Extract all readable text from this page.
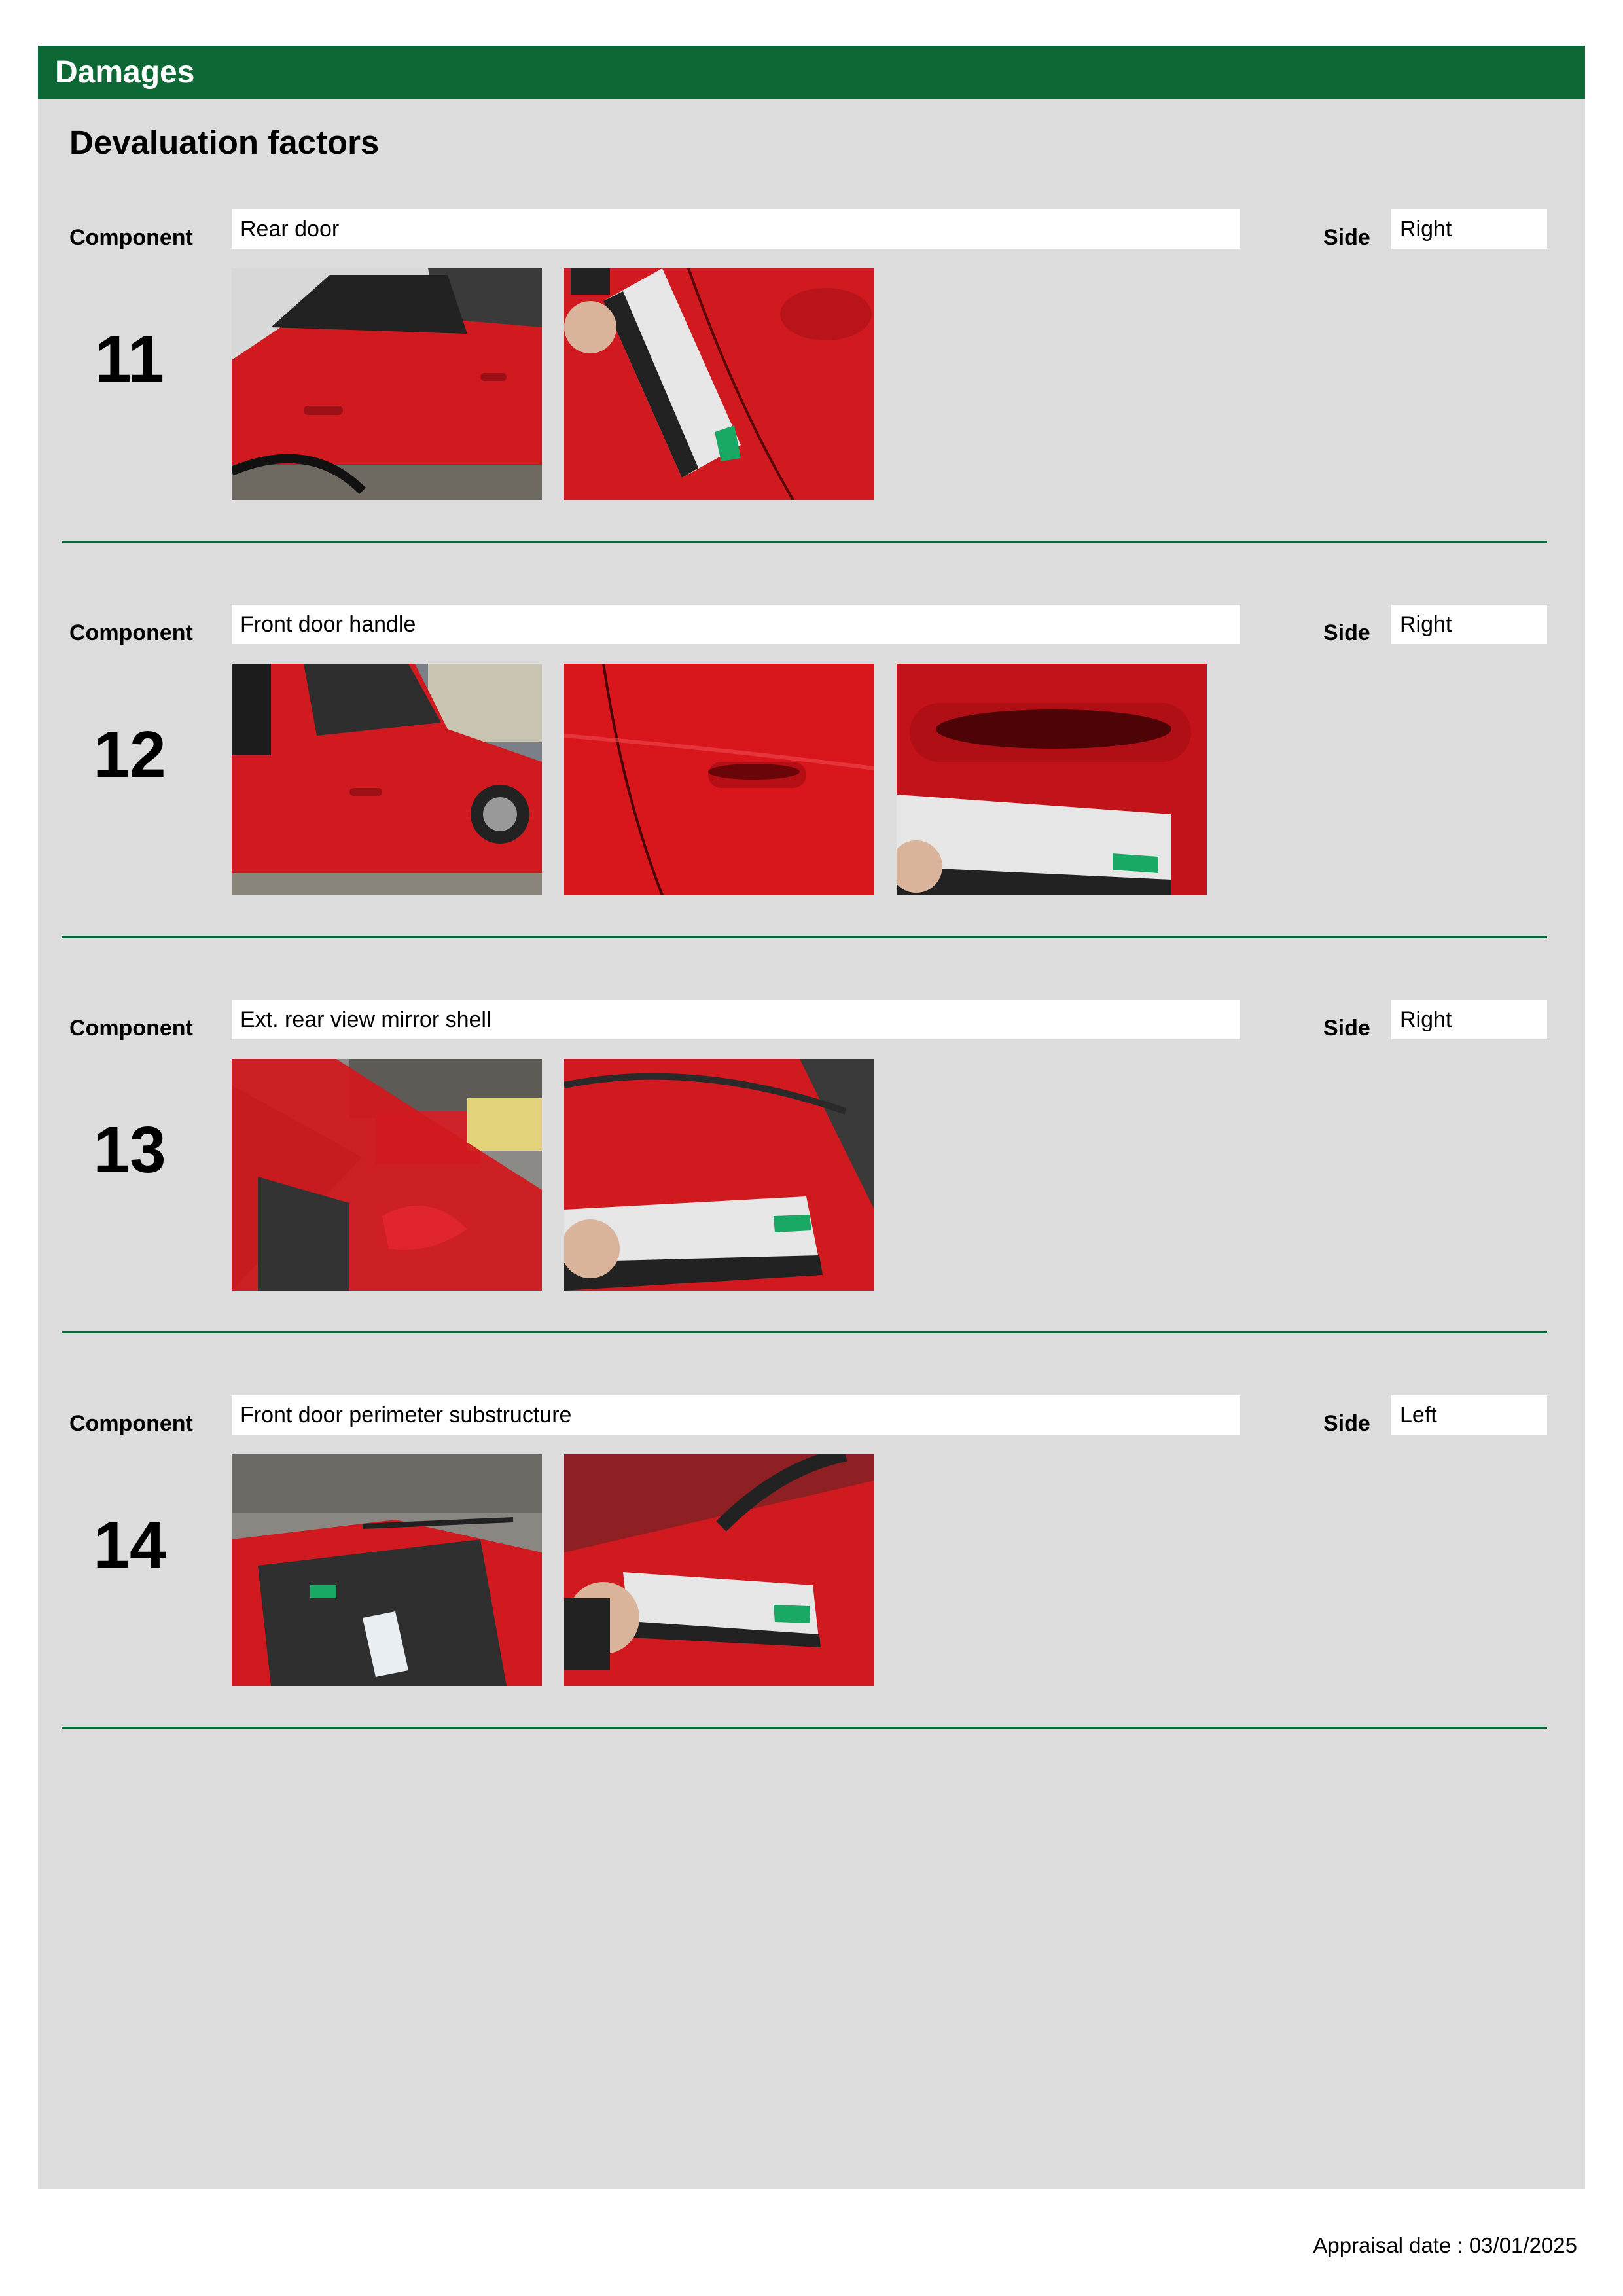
Damages
Devaluation factors
Component	Rear door	Side	Right
11
Component	Front door handle	Side	Right
12
Component	Ext. rear view mirror shell	Side	Right
13
Component	Front door perimeter substructure	Side	Left
14
Appraisal date : 03/01/2025
